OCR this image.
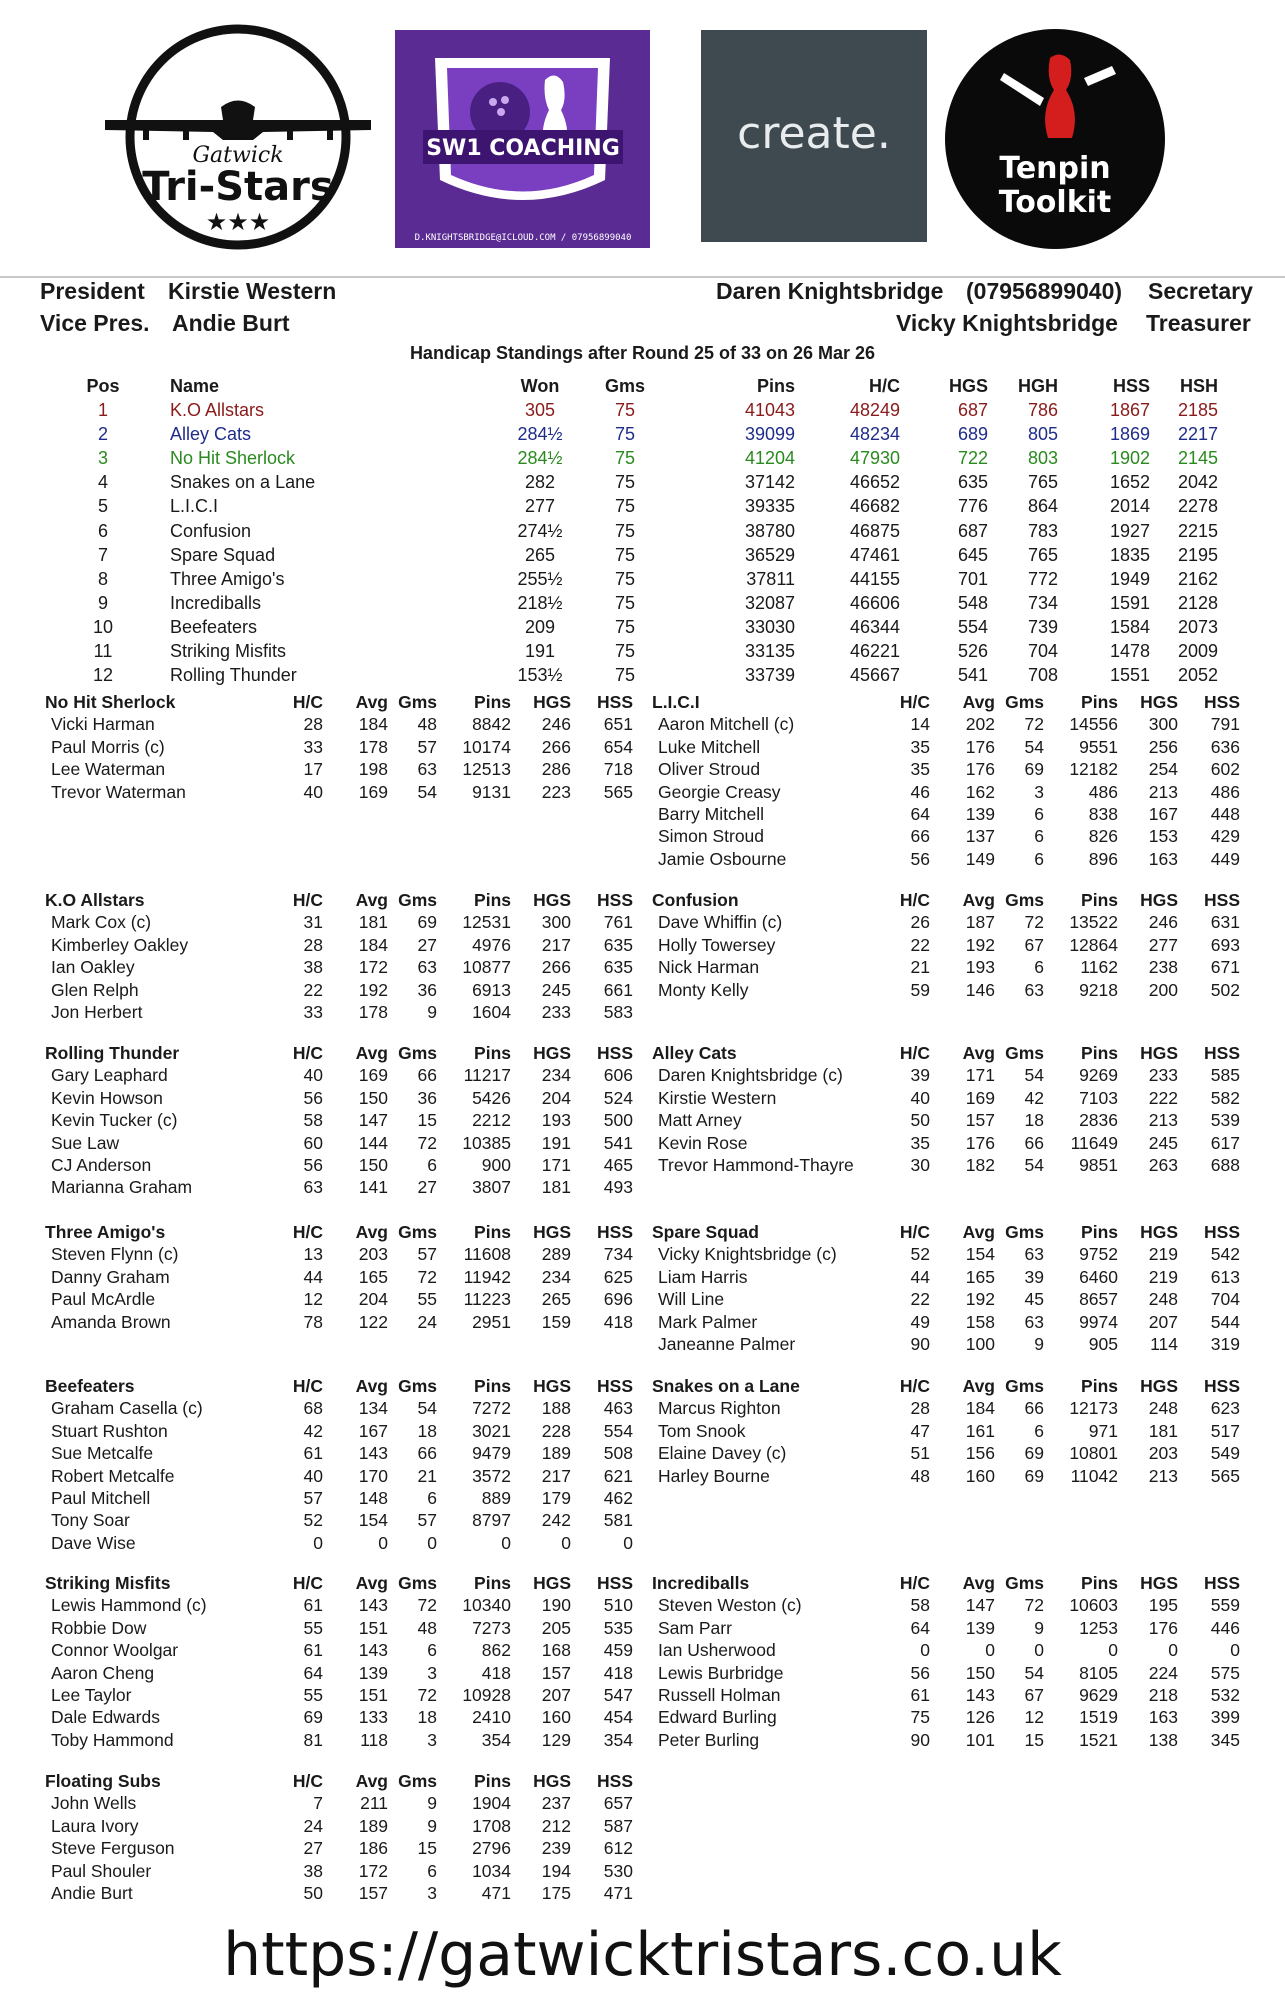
Gatwick
Tri-Stars
★★★
SW1 COACHING
D.KNIGHTSBRIDGE@ICLOUD.COM / 07956899040
create.
Tenpin
Toolkit
President Kirstie Western
Vice Pres. Andie Burt
Daren Knightsbridge (07956899040) Secretary
Vicky Knightsbridge Treasurer
Handicap Standings after Round 25 of 33 on 26 Mar 26
Pos	Name	Won	Gms	Pins	H/C	HGS	HGH	HSS	HSH
1	K.O Allstars	305	75	41043	48249	687	786	1867	2185
2	Alley Cats	284½	75	39099	48234	689	805	1869	2217
3	No Hit Sherlock	284½	75	41204	47930	722	803	1902	2145
4	Snakes on a Lane	282	75	37142	46652	635	765	1652	2042
5	L.I.C.I	277	75	39335	46682	776	864	2014	2278
6	Confusion	274½	75	38780	46875	687	783	1927	2215
7	Spare Squad	265	75	36529	47461	645	765	1835	2195
8	Three Amigo's	255½	75	37811	44155	701	772	1949	2162
9	Incrediballs	218½	75	32087	46606	548	734	1591	2128
10	Beefeaters	209	75	33030	46344	554	739	1584	2073
11	Striking Misfits	191	75	33135	46221	526	704	1478	2009
12	Rolling Thunder	153½	75	33739	45667	541	708	1551	2052
No Hit Sherlock	H/C	Avg Gms	Pins	HGS	HSS
Vicki Harman	28	184	48	8842	246	651
Paul Morris (c)	33	178	57	10174	266	654
Lee Waterman	17	198	63	12513	286	718
Trevor Waterman	40	169	54	9131	223	565
L.I.C.I	H/C	Avg Gms	Pins	HGS	HSS
Aaron Mitchell (c)	14	202	72	14556	300	791
Luke Mitchell	35	176	54	9551	256	636
Oliver Stroud	35	176	69	12182	254	602
Georgie Creasy	46	162	3	486	213	486
Barry Mitchell	64	139	6	838	167	448
Simon Stroud	66	137	6	826	153	429
Jamie Osbourne	56	149	6	896	163	449
K.O Allstars	H/C	Avg Gms	Pins	HGS	HSS
Mark Cox (c)	31	181	69	12531	300	761
Kimberley Oakley	28	184	27	4976	217	635
Ian Oakley	38	172	63	10877	266	635
Glen Relph	22	192	36	6913	245	661
Jon Herbert	33	178	9	1604	233	583
Confusion	H/C	Avg Gms	Pins	HGS	HSS
Dave Whiffin (c)	26	187	72	13522	246	631
Holly Towersey	22	192	67	12864	277	693
Nick Harman	21	193	6	1162	238	671
Monty Kelly	59	146	63	9218	200	502
Rolling Thunder	H/C	Avg Gms	Pins	HGS	HSS
Gary Leaphard	40	169	66	11217	234	606
Kevin Howson	56	150	36	5426	204	524
Kevin Tucker (c)	58	147	15	2212	193	500
Sue Law	60	144	72	10385	191	541
CJ Anderson	56	150	6	900	171	465
Marianna Graham	63	141	27	3807	181	493
Alley Cats	H/C	Avg Gms	Pins	HGS	HSS
Daren Knightsbridge (c)	39	171	54	9269	233	585
Kirstie Western	40	169	42	7103	222	582
Matt Arney	50	157	18	2836	213	539
Kevin Rose	35	176	66	11649	245	617
Trevor Hammond-Thayre	30	182	54	9851	263	688
Three Amigo's	H/C	Avg Gms	Pins	HGS	HSS
Steven Flynn (c)	13	203	57	11608	289	734
Danny Graham	44	165	72	11942	234	625
Paul McArdle	12	204	55	11223	265	696
Amanda Brown	78	122	24	2951	159	418
Spare Squad	H/C	Avg Gms	Pins	HGS	HSS
Vicky Knightsbridge (c)	52	154	63	9752	219	542
Liam Harris	44	165	39	6460	219	613
Will Line	22	192	45	8657	248	704
Mark Palmer	49	158	63	9974	207	544
Janeanne Palmer	90	100	9	905	114	319
Beefeaters	H/C	Avg Gms	Pins	HGS	HSS
Graham Casella (c)	68	134	54	7272	188	463
Stuart Rushton	42	167	18	3021	228	554
Sue Metcalfe	61	143	66	9479	189	508
Robert Metcalfe	40	170	21	3572	217	621
Paul Mitchell	57	148	6	889	179	462
Tony Soar	52	154	57	8797	242	581
Dave Wise	0	0	0	0	0	0
Snakes on a Lane	H/C	Avg Gms	Pins	HGS	HSS
Marcus Righton	28	184	66	12173	248	623
Tom Snook	47	161	6	971	181	517
Elaine Davey (c)	51	156	69	10801	203	549
Harley Bourne	48	160	69	11042	213	565
Striking Misfits	H/C	Avg Gms	Pins	HGS	HSS
Lewis Hammond (c)	61	143	72	10340	190	510
Robbie Dow	55	151	48	7273	205	535
Connor Woolgar	61	143	6	862	168	459
Aaron Cheng	64	139	3	418	157	418
Lee Taylor	55	151	72	10928	207	547
Dale Edwards	69	133	18	2410	160	454
Toby Hammond	81	118	3	354	129	354
Incrediballs	H/C	Avg Gms	Pins	HGS	HSS
Steven Weston (c)	58	147	72	10603	195	559
Sam Parr	64	139	9	1253	176	446
Ian Usherwood	0	0	0	0	0	0
Lewis Burbridge	56	150	54	8105	224	575
Russell Holman	61	143	67	9629	218	532
Edward Burling	75	126	12	1519	163	399
Peter Burling	90	101	15	1521	138	345
Floating Subs	H/C	Avg Gms	Pins	HGS	HSS
John Wells	7	211	9	1904	237	657
Laura Ivory	24	189	9	1708	212	587
Steve Ferguson	27	186	15	2796	239	612
Paul Shouler	38	172	6	1034	194	530
Andie Burt	50	157	3	471	175	471
https://gatwicktristars.co.uk
